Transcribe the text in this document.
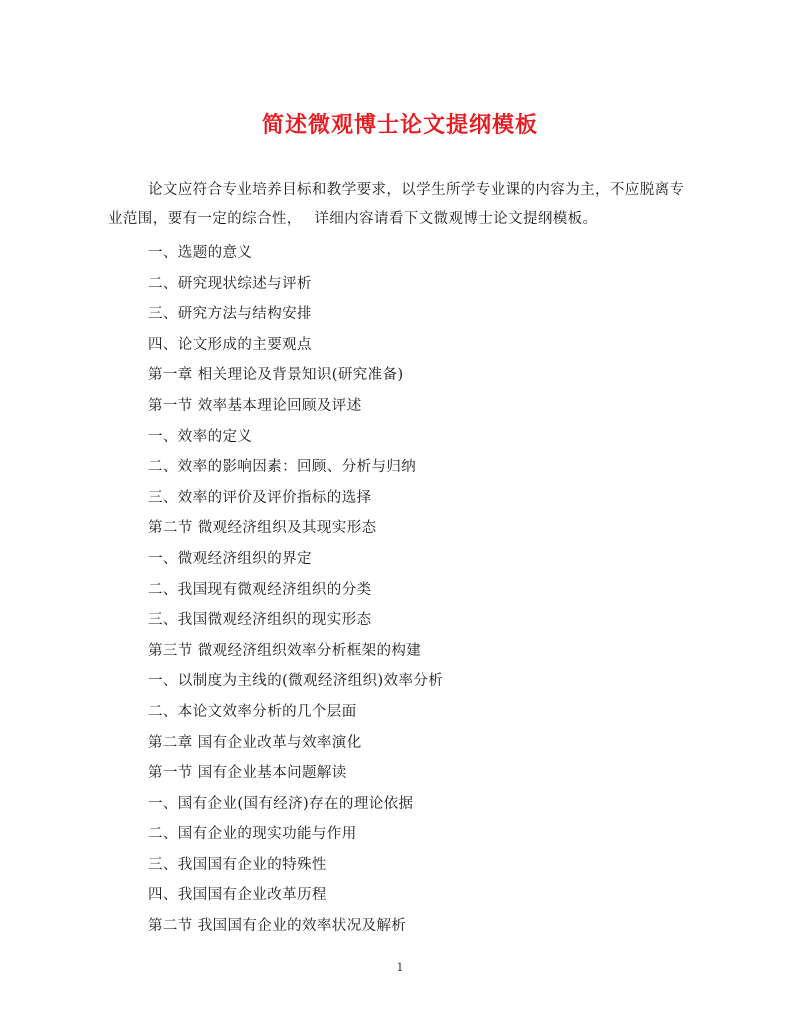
简述微观博士论文提纲模板

论文应符合专业培养目标和教学要求，以学生所学专业课的内容为主，不应脱离专业范围，要有一定的综合性，　 详细内容请看下文微观博士论文提纲模板。

一、选题的意义
二、研究现状综述与评析
三、研究方法与结构安排
四、论文形成的主要观点
第一章 相关理论及背景知识(研究准备)
第一节 效率基本理论回顾及评述
一、效率的定义
二、效率的影响因素：回顾、分析与归纳
三、效率的评价及评价指标的选择
第二节 微观经济组织及其现实形态
一、微观经济组织的界定
二、我国现有微观经济组织的分类
三、我国微观经济组织的现实形态
第三节 微观经济组织效率分析框架的构建
一、以制度为主线的(微观经济组织)效率分析
二、本论文效率分析的几个层面
第二章 国有企业改革与效率演化
第一节 国有企业基本问题解读
一、国有企业(国有经济)存在的理论依据
二、国有企业的现实功能与作用
三、我国国有企业的特殊性
四、我国国有企业改革历程
第二节 我国国有企业的效率状况及解析
1
